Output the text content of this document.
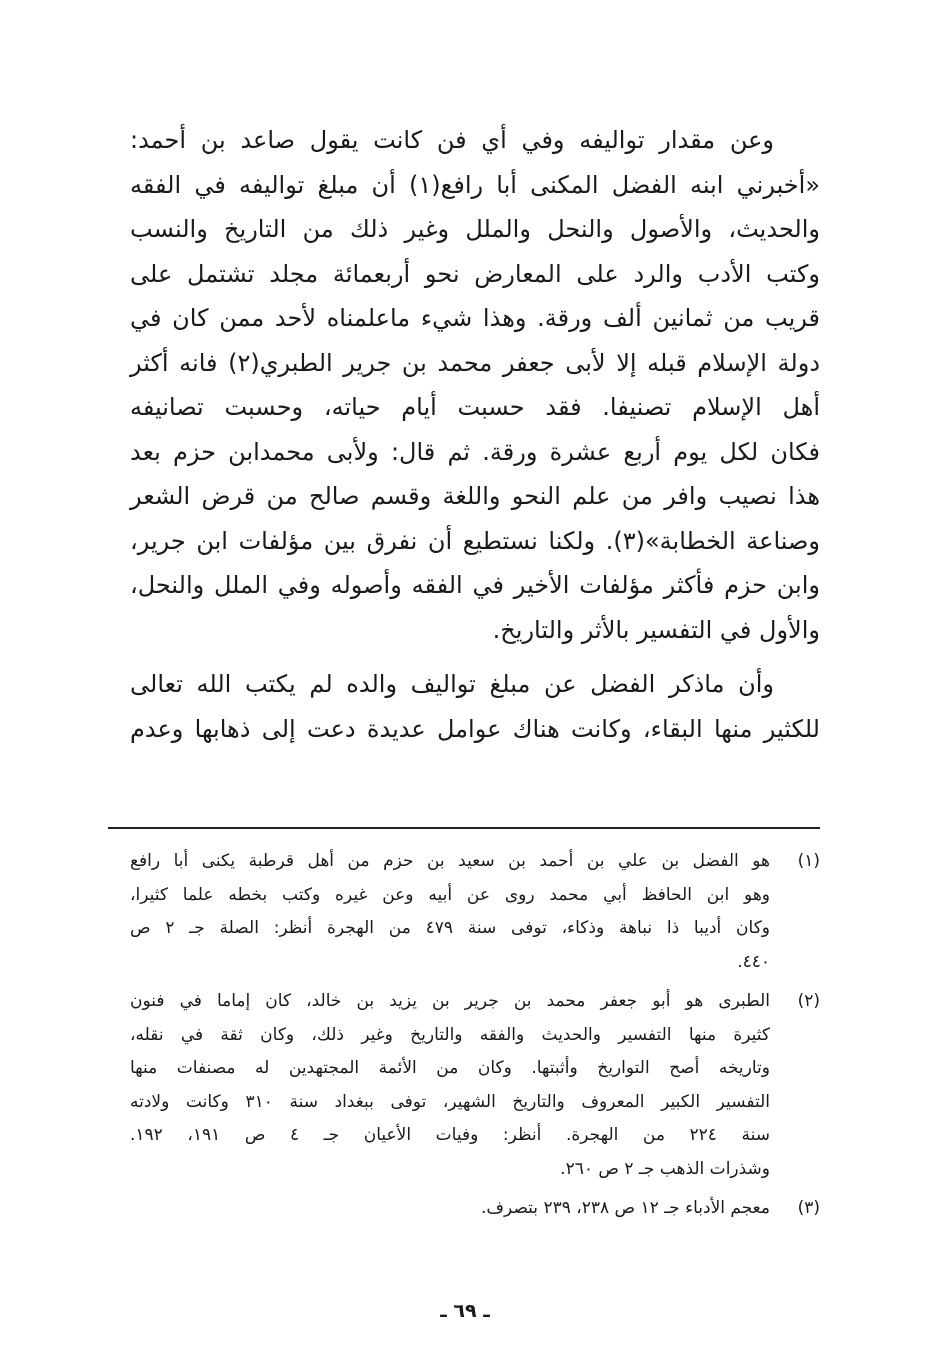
وعن مقدار تواليفه وفي أي فن كانت يقول صاعد بن أحمد:
«أخبرني ابنه الفضل المكنى أبا رافع(١) أن مبلغ تواليفه في الفقه
والحديث، والأصول والنحل والملل وغير ذلك من التاريخ والنسب
وكتب الأدب والرد على المعارض نحو أربعمائة مجلد تشتمل على
قريب من ثمانين ألف ورقة. وهذا شيء ماعلمناه لأحد ممن كان في
دولة الإسلام قبله إلا لأبى جعفر محمد بن جرير الطبري(٢) فانه أكثر
أهل الإسلام تصنيفا. فقد حسبت أيام حياته، وحسبت تصانيفه
فكان لكل يوم أربع عشرة ورقة. ثم قال: ولأبى محمدابن حزم بعد
هذا نصيب وافر من علم النحو واللغة وقسم صالح من قرض الشعر
وصناعة الخطابة»(٣). ولكنا نستطيع أن نفرق بين مؤلفات ابن جرير،
وابن حزم فأكثر مؤلفات الأخير في الفقه وأصوله وفي الملل والنحل،
والأول في التفسير بالأثر والتاريخ.

وأن ماذكر الفضل عن مبلغ تواليف والده لم يكتب الله تعالى
للكثير منها البقاء، وكانت هناك عوامل عديدة دعت إلى ذهابها وعدم

(١)
هو الفضل بن علي بن أحمد بن سعيد بن حزم من أهل قرطبة يكنى أبا رافع
وهو ابن الحافظ أبي محمد روى عن أبيه وعن غيره وكتب بخطه علما كثيرا،
وكان أديبا ذا نباهة وذكاء، توفى سنة ٤٧٩ من الهجرة أنظر: الصلة جـ ٢ ص
٤٤٠.
(٢)
الطبرى هو أبو جعفر محمد بن جرير بن يزيد بن خالد، كان إماما في فنون
كثيرة منها التفسير والحديث والفقه والتاريخ وغير ذلك، وكان ثقة في نقله،
وتاريخه أصح التواريخ وأثبتها. وكان من الأئمة المجتهدين له مصنفات منها
التفسير الكبير المعروف والتاريخ الشهير، توفى ببغداد سنة ٣١٠ وكانت ولادته
سنة ٢٢٤ من الهجرة. أنظر: وفيات الأعيان جـ ٤ ص ١٩١، ١٩٢.
وشذرات الذهب جـ ٢ ص ٢٦٠.
(٣)
معجم الأدباء جـ ١٢ ص ٢٣٨، ٢٣٩ بتصرف.
ـ ٦٩ ـ
